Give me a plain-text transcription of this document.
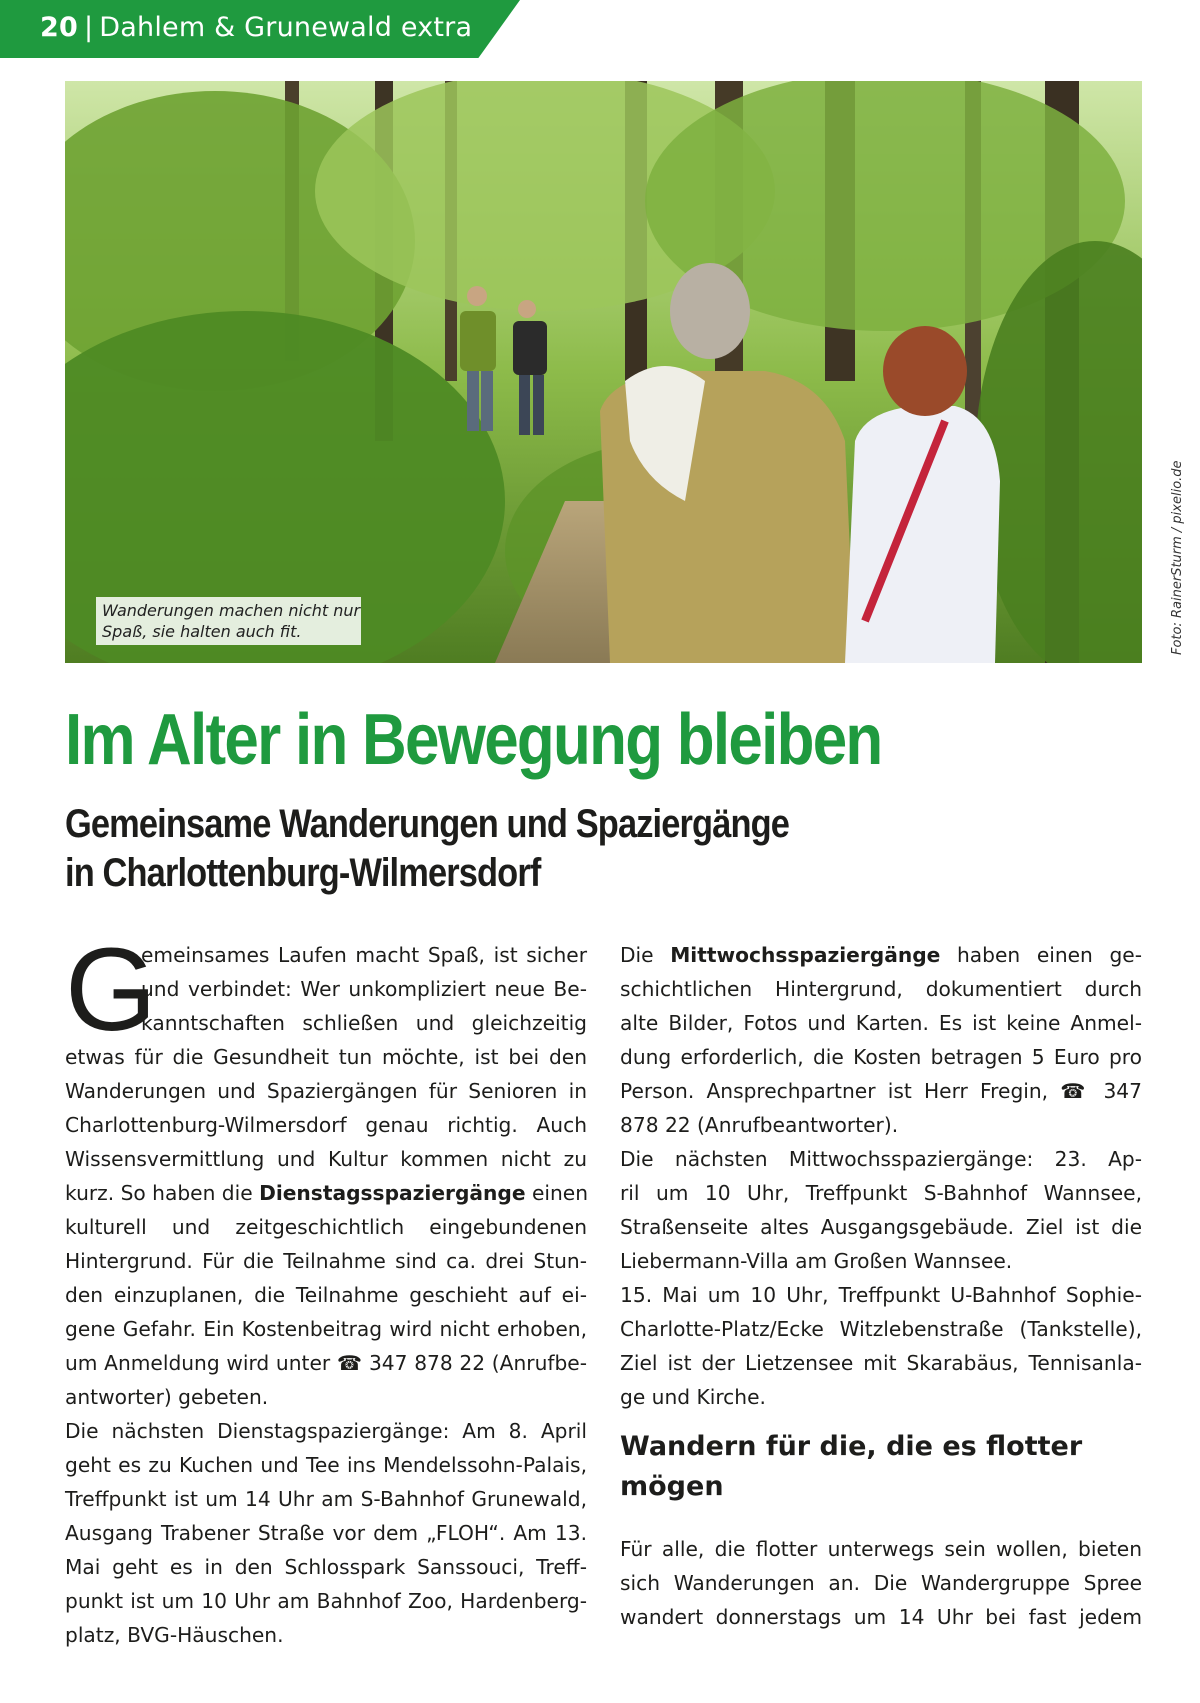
20 | Dahlem & Grunewald extra
Wanderungen machen nicht nur
Spaß, sie halten auch fit.	Foto: RainerSturm / pixelio.de
Im Alter in Bewegung bleiben
Gemeinsame Wanderungen und Spaziergänge
in Charlottenburg-Wilmersdorf
G
emeinsames Laufen macht Spaß, ist sicher
und verbindet: Wer unkompliziert neue Be-
kanntschaften schließen und gleichzeitig
etwas für die Gesundheit tun möchte, ist bei den
Wanderungen und Spaziergängen für Senioren in
Charlottenburg-Wilmersdorf genau richtig. Auch
Wissensvermittlung und Kultur kommen nicht zu
kurz. So haben die Dienstagsspaziergänge einen
kulturell und zeitgeschichtlich eingebundenen
Hintergrund. Für die Teilnahme sind ca. drei Stun-
den einzuplanen, die Teilnahme geschieht auf ei-
gene Gefahr. Ein Kostenbeitrag wird nicht erhoben,
um Anmeldung wird unter ☎ 347 878 22 (Anrufbe-
antworter) gebeten.
Die nächsten Dienstagspaziergänge: Am 8. April
geht es zu Kuchen und Tee ins Mendelssohn-Palais,
Treffpunkt ist um 14 Uhr am S-Bahnhof Grunewald,
Ausgang Trabener Straße vor dem „FLOH“. Am 13.
Mai geht es in den Schlosspark Sanssouci, Treff-
punkt ist um 10 Uhr am Bahnhof Zoo, Hardenberg-
platz, BVG-Häuschen.
Die Mittwochsspaziergänge haben einen ge-
schichtlichen Hintergrund, dokumentiert durch
alte Bilder, Fotos und Karten. Es ist keine Anmel-
dung erforderlich, die Kosten betragen 5 Euro pro
Person. Ansprechpartner ist Herr Fregin, ☎ 347
878 22 (Anrufbeantworter).
Die nächsten Mittwochsspaziergänge: 23. Ap-
ril um 10 Uhr, Treffpunkt S-Bahnhof Wannsee,
Straßenseite altes Ausgangsgebäude. Ziel ist die
Liebermann-Villa am Großen Wannsee.
15. Mai um 10 Uhr, Treffpunkt U-Bahnhof Sophie-
Charlotte-Platz/Ecke Witzlebenstraße (Tankstelle),
Ziel ist der Lietzensee mit Skarabäus, Tennisanla-
ge und Kirche.
Wandern für die, die es flotter
mögen
Für alle, die flotter unterwegs sein wollen, bieten
sich Wanderungen an. Die Wandergruppe Spree
wandert donnerstags um 14 Uhr bei fast jedem
